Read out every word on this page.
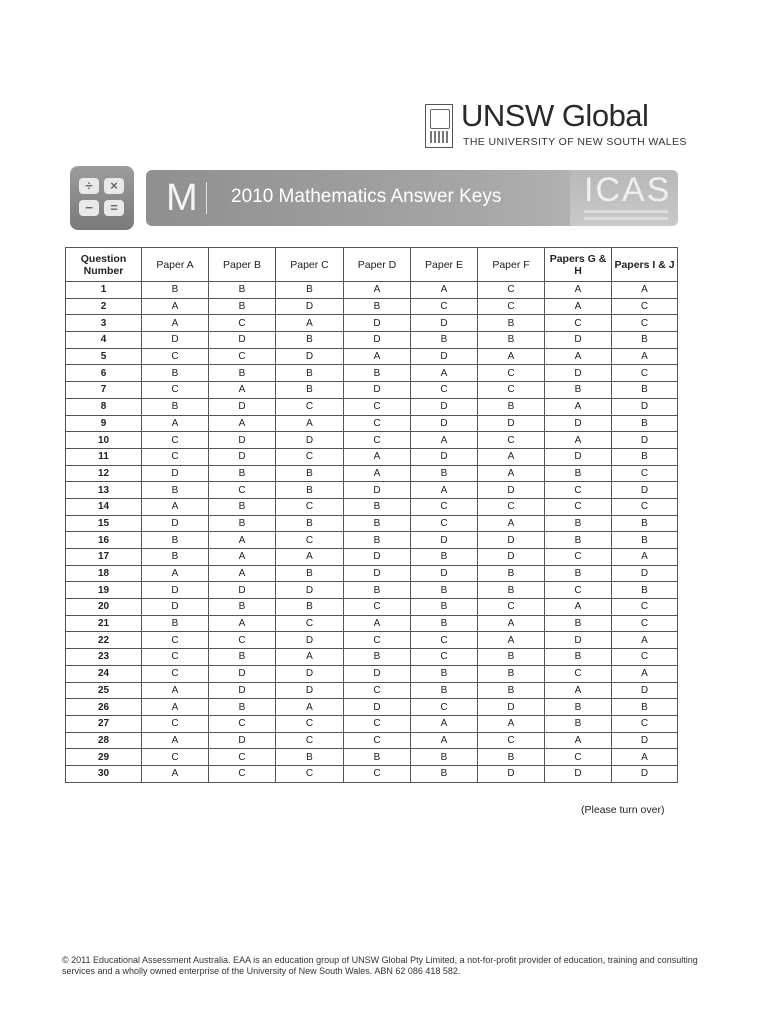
UNSW Global
THE UNIVERSITY OF NEW SOUTH WALES
÷	×
−	= M 2010 Mathematics Answer Keys ICAS
Question Number	Paper A	Paper B	Paper C	Paper D	Paper E	Paper F	Papers G & H	Papers I & J
1	B	B	B	A	A	C	A	A
2	A	B	D	B	C	C	A	C
3	A	C	A	D	D	B	C	C
4	D	D	B	D	B	B	D	B
5	C	C	D	A	D	A	A	A
6	B	B	B	B	A	C	D	C
7	C	A	B	D	C	C	B	B
8	B	D	C	C	D	B	A	D
9	A	A	A	C	D	D	D	B
10	C	D	D	C	A	C	A	D
11	C	D	C	A	D	A	D	B
12	D	B	B	A	B	A	B	C
13	B	C	B	D	A	D	C	D
14	A	B	C	B	C	C	C	C
15	D	B	B	B	C	A	B	B
16	B	A	C	B	D	D	B	B
17	B	A	A	D	B	D	C	A
18	A	A	B	D	D	B	B	D
19	D	D	D	B	B	B	C	B
20	D	B	B	C	B	C	A	C
21	B	A	C	A	B	A	B	C
22	C	C	D	C	C	A	D	A
23	C	B	A	B	C	B	B	C
24	C	D	D	D	B	B	C	A
25	A	D	D	C	B	B	A	D
26	A	B	A	D	C	D	B	B
27	C	C	C	C	A	A	B	C
28	A	D	C	C	A	C	A	D
29	C	C	B	B	B	B	C	A
30	A	C	C	C	B	D	D	D
(Please turn over)
© 2011 Educational Assessment Australia. EAA is an education group of UNSW Global Pty Limited, a not-for-profit provider of education, training and consulting services and a wholly owned enterprise of the University of New South Wales. ABN 62 086 418 582.
